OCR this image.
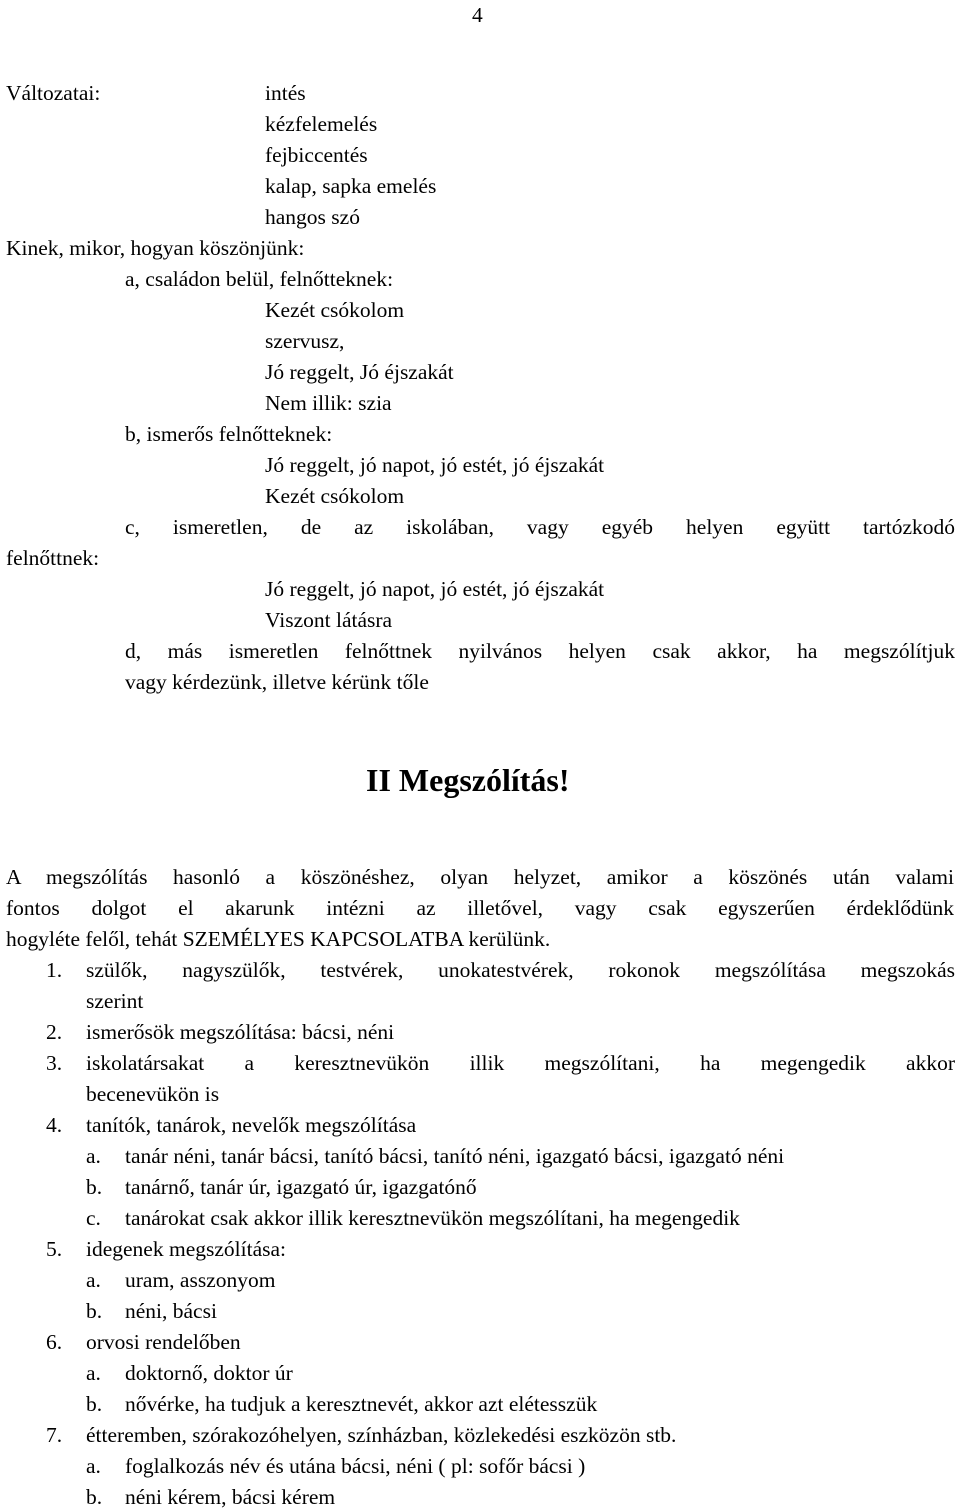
4
Változatai:	intés
kézfelemelés
fejbiccentés
kalap, sapka emelés
hangos szó
Kinek, mikor, hogyan köszönjünk:
a, családon belül, felnőtteknek:
Kezét csókolom
szervusz,
Jó reggelt, Jó éjszakát
Nem illik: szia
b, ismerős felnőtteknek:
Jó reggelt, jó napot, jó estét, jó éjszakát
Kezét csókolom
c, ismeretlen, de az iskolában, vagy egyéb helyen együtt tartózkodó
felnőttnek:
Jó reggelt, jó napot, jó estét, jó éjszakát
Viszont látásra
d, más ismeretlen felnőttnek nyilvános helyen csak akkor, ha megszólítjuk
vagy kérdezünk, illetve kérünk tőle
II Megszólítás!
A megszólítás hasonló a köszönéshez, olyan helyzet, amikor a köszönés után valami
fontos dolgot el akarunk intézni az illetővel, vagy csak egyszerűen érdeklődünk
hogyléte felől, tehát SZEMÉLYES KAPCSOLATBA kerülünk.
1. szülők, nagyszülők, testvérek, unokatestvérek, rokonok megszólítása megszokás
szerint
2. ismerősök megszólítása: bácsi, néni
3. iskolatársakat a keresztnevükön illik megszólítani, ha megengedik akkor
becenevükön is
4. tanítók, tanárok, nevelők megszólítása
a. tanár néni, tanár bácsi, tanító bácsi, tanító néni, igazgató bácsi, igazgató néni
b. tanárnő, tanár úr, igazgató úr, igazgatónő
c. tanárokat csak akkor illik keresztnevükön megszólítani, ha megengedik
5. idegenek megszólítása:
a. uram, asszonyom
b. néni, bácsi
6. orvosi rendelőben
a. doktornő, doktor úr
b. nővérke, ha tudjuk a keresztnevét, akkor azt elétesszük
7. étteremben, szórakozóhelyen, színházban, közlekedési eszközön stb.
a. foglalkozás név és utána bácsi, néni ( pl: sofőr bácsi )
b. néni kérem, bácsi kérem
